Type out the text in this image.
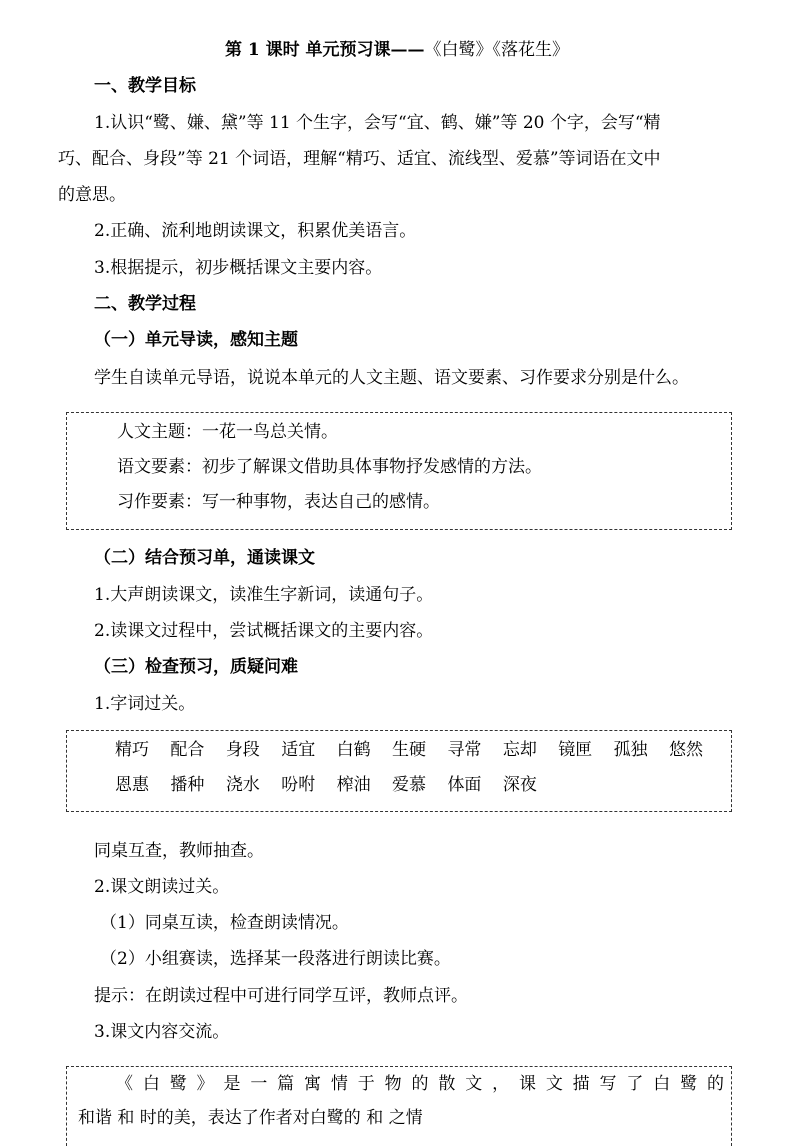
第 1 课时 单元预习课——《白鹭》《落花生》
一、教学目标
1.认识“鹭、嫌、黛”等 11 个生字，会写“宜、鹤、嫌”等 20 个字，会写“精
巧、配合、身段”等 21 个词语，理解“精巧、适宜、流线型、爱慕”等词语在文中
的意思。
2.正确、流利地朗读课文，积累优美语言。
3.根据提示，初步概括课文主要内容。
二、教学过程
（一）单元导读，感知主题
学生自读单元导语，说说本单元的人文主题、语文要素、习作要求分别是什么。
人文主题：一花一鸟总关情。
语文要素：初步了解课文借助具体事物抒发感情的方法。
习作要素：写一种事物，表达自己的感情。
（二）结合预习单，通读课文
1.大声朗读课文，读准生字新词，读通句子。
2.读课文过程中，尝试概括课文的主要内容。
（三）检查预习，质疑问难
1.字词过关。
精巧 配合 身段 适宜 白鹤 生硬 寻常 忘却 镜匣 孤独 悠然
恩惠 播种 浇水 吩咐 榨油 爱慕 体面 深夜
同桌互查，教师抽查。
2.课文朗读过关。
（1）同桌互读，检查朗读情况。
（2）小组赛读，选择某一段落进行朗读比赛。
提示：在朗读过程中可进行同学互评，教师点评。
3.课文内容交流。
《白鹭》是一篇寓情于物的散文，课文描写了白鹭的
和谐 和 时的美，表达了作者对白鹭的 和 之情
